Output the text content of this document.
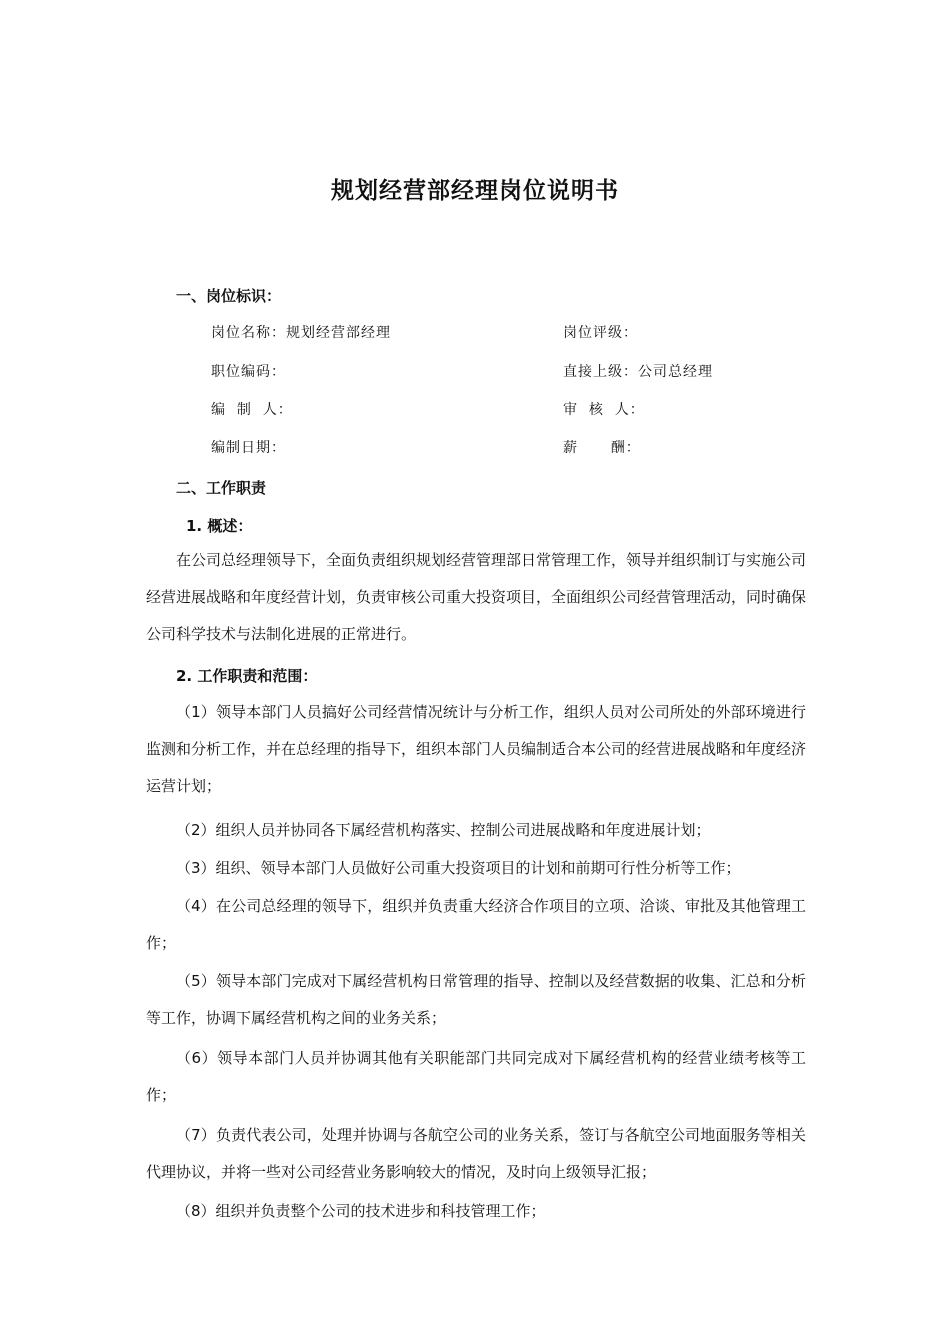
规划经营部经理岗位说明书
一、岗位标识：
岗位名称：规划经营部经理	岗位评级：
职位编码：	直接上级：公司总经理
编  制  人：	审  核  人：
编制日期：	薪      酬：
二、工作职责
1. 概述：
在公司总经理领导下，全面负责组织规划经营管理部日常管理工作，领导并组织制订与实施公司经营进展战略和年度经营计划，负责审核公司重大投资项目，全面组织公司经营管理活动，同时确保公司科学技术与法制化进展的正常进行。
2. 工作职责和范围：
（1）领导本部门人员搞好公司经营情况统计与分析工作，组织人员对公司所处的外部环境进行监测和分析工作，并在总经理的指导下，组织本部门人员编制适合本公司的经营进展战略和年度经济运营计划；
（2）组织人员并协同各下属经营机构落实、控制公司进展战略和年度进展计划；
（3）组织、领导本部门人员做好公司重大投资项目的计划和前期可行性分析等工作；
（4）在公司总经理的领导下，组织并负责重大经济合作项目的立项、洽谈、审批及其他管理工作；
（5）领导本部门完成对下属经营机构日常管理的指导、控制以及经营数据的收集、汇总和分析等工作，协调下属经营机构之间的业务关系；
（6）领导本部门人员并协调其他有关职能部门共同完成对下属经营机构的经营业绩考核等工作；
（7）负责代表公司，处理并协调与各航空公司的业务关系，签订与各航空公司地面服务等相关代理协议，并将一些对公司经营业务影响较大的情况，及时向上级领导汇报；
（8）组织并负责整个公司的技术进步和科技管理工作；
